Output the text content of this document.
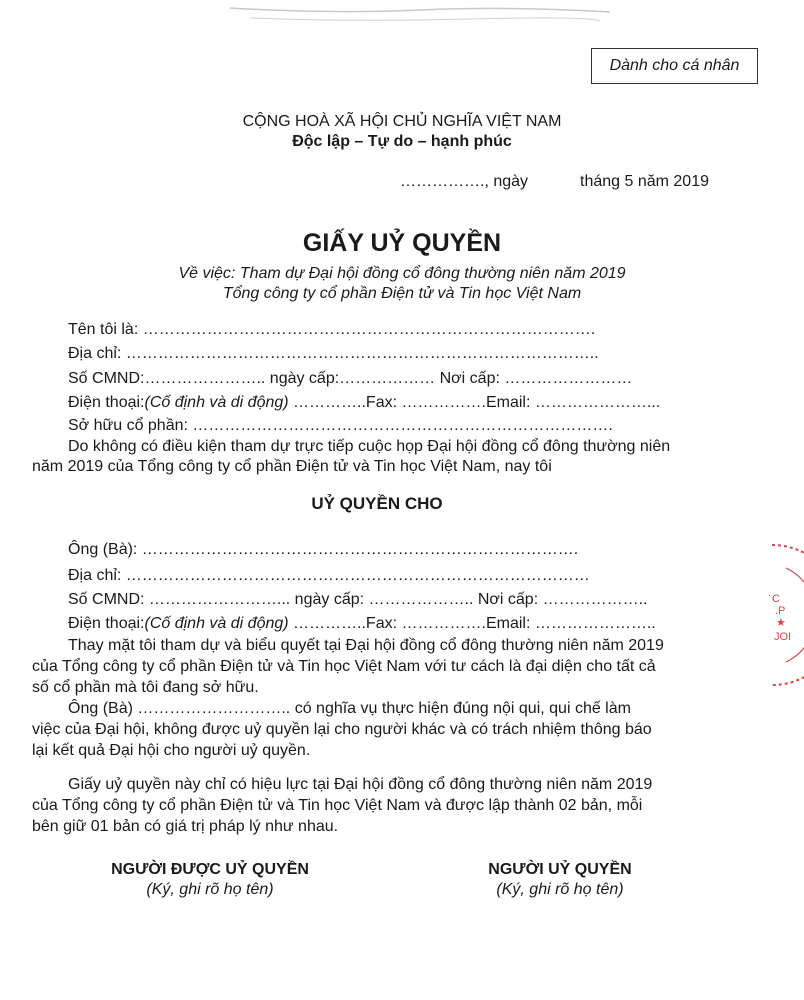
Dành cho cá nhân
CỘNG HOÀ XÃ HỘI CHỦ NGHĨA VIỆT NAM
Độc lập – Tự do – hạnh phúc
……………., ngày	tháng 5 năm 2019
GIẤY UỶ QUYỀN
Về việc: Tham dự Đại hội đồng cổ đông thường niên năm 2019
Tổng công ty cổ phần Điện tử và Tin học Việt Nam
Tên tôi là: ………………………………………………………………………….
Địa chỉ: ……………………………………………………………………………..
Số CMND:………………….. ngày cấp:……………… Nơi cấp: ……………………
Điện thoại:(Cố định và di động) …………..Fax: …………….Email: …………………...
Sở hữu cổ phần: …………………………………………………………………….
Do không có điều kiện tham dự trực tiếp cuộc họp Đại hội đồng cổ đông thường niên
năm 2019 của Tổng công ty cổ phần Điện tử và Tin học Việt Nam, nay tôi
UỶ QUYỀN CHO
Ông (Bà): ……………………………………………………………………….
Địa chỉ: ……………………………………………………………………………
Số CMND: ……………………... ngày cấp: ……………….. Nơi cấp: ………………..
Điện thoại:(Cố định và di động) …………..Fax: …………….Email: …………………..
Thay mặt tôi tham dự và biểu quyết tại Đại hội đồng cổ đông thường niên năm 2019
của Tổng công ty cổ phần Điện tử và Tin học Việt Nam với tư cách là đại diện cho tất cả
số cổ phần mà tôi đang sở hữu.
Ông (Bà) ……………………….. có nghĩa vụ thực hiện đúng nội qui, qui chế làm
việc của Đại hội, không được uỷ quyền lại cho người khác và có trách nhiệm thông báo
lại kết quả Đại hội cho người uỷ quyền.
Giấy uỷ quyền này chỉ có hiệu lực tại Đại hội đồng cổ đông thường niên năm 2019
của Tổng công ty cổ phần Điện tử và Tin học Việt Nam và được lập thành 02 bản, mỗi
bên giữ 01 bản có giá trị pháp lý như nhau.
NGƯỜI ĐƯỢC UỶ QUYỀN
(Ký, ghi rõ họ tên)
NGƯỜI UỶ QUYỀN
(Ký, ghi rõ họ tên)
. C
.P
★
JOI
